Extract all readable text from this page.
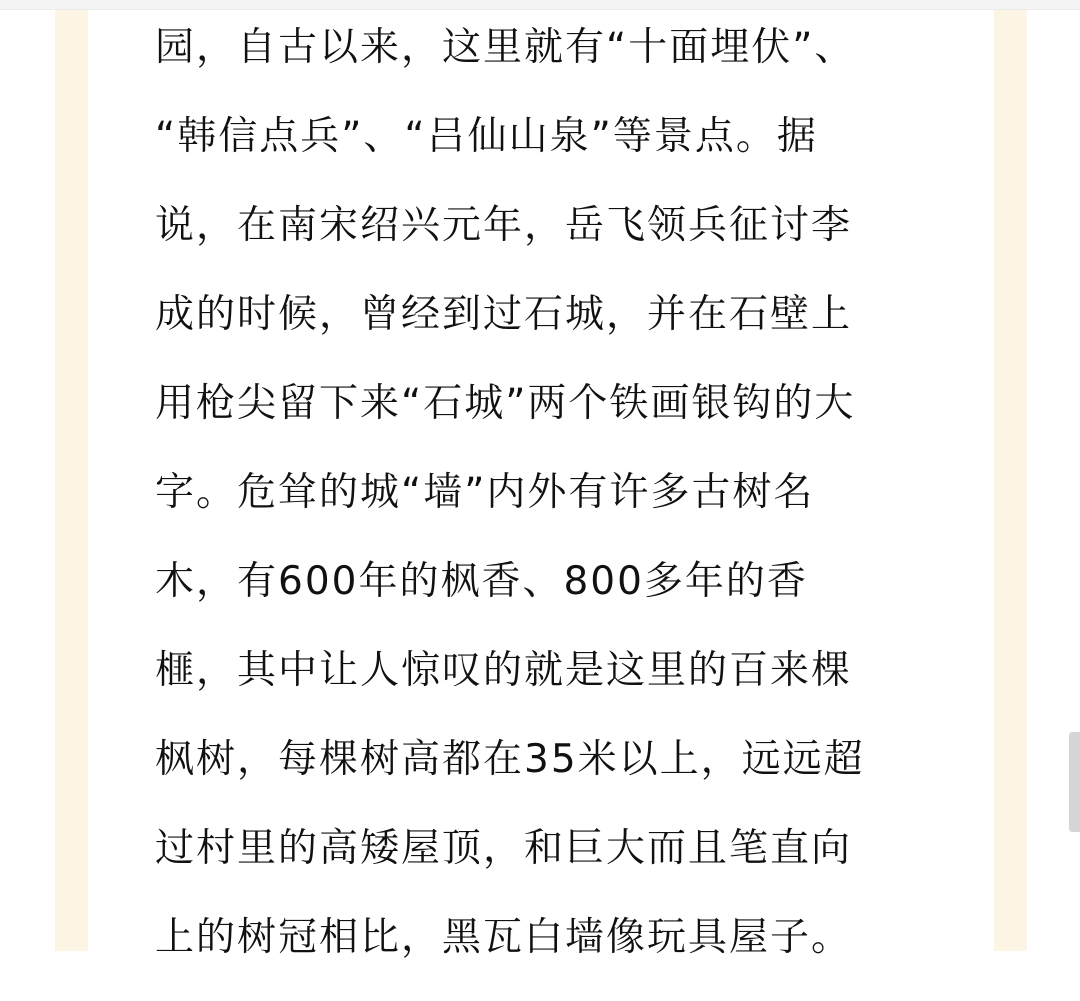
园，自古以来，这里就有“十面埋伏”、
“韩信点兵”、“吕仙山泉”等景点。据
说，在南宋绍兴元年，岳飞领兵征讨李
成的时候，曾经到过石城，并在石壁上
用枪尖留下来“石城”两个铁画银钩的大
字。危耸的城“墙”内外有许多古树名
木，有600年的枫香、800多年的香
榧，其中让人惊叹的就是这里的百来棵
枫树，每棵树高都在35米以上，远远超
过村里的高矮屋顶，和巨大而且笔直向
上的树冠相比，黑瓦白墙像玩具屋子。
